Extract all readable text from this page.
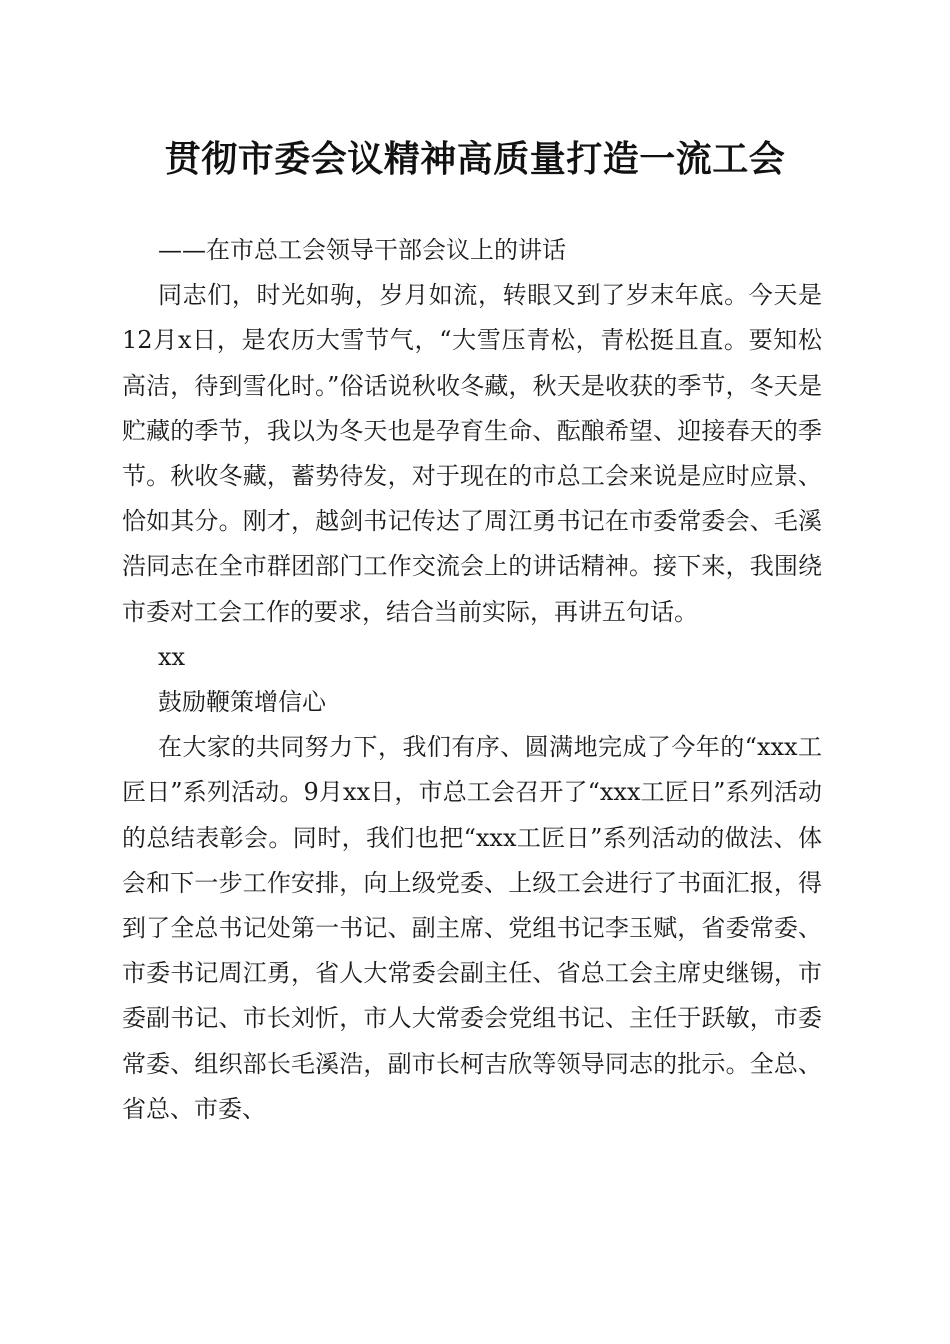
贯彻市委会议精神高质量打造一流工会

——在市总工会领导干部会议上的讲话

同志们，时光如驹，岁月如流，转眼又到了岁末年底。今天是12月x日，是农历大雪节气，“大雪压青松，青松挺且直。要知松高洁，待到雪化时。”俗话说秋收冬藏，秋天是收获的季节，冬天是贮藏的季节，我以为冬天也是孕育生命、酝酿希望、迎接春天的季节。秋收冬藏，蓄势待发，对于现在的市总工会来说是应时应景、恰如其分。刚才，越剑书记传达了周江勇书记在市委常委会、毛溪浩同志在全市群团部门工作交流会上的讲话精神。接下来，我围绕市委对工会工作的要求，结合当前实际，再讲五句话。

xx

鼓励鞭策增信心

在大家的共同努力下，我们有序、圆满地完成了今年的“xxx工匠日”系列活动。9月xx日，市总工会召开了“xxx工匠日”系列活动的总结表彰会。同时，我们也把“xxx工匠日”系列活动的做法、体会和下一步工作安排，向上级党委、上级工会进行了书面汇报，得到了全总书记处第一书记、副主席、党组书记李玉赋，省委常委、市委书记周江勇，省人大常委会副主任、省总工会主席史继锡，市委副书记、市长刘忻，市人大常委会党组书记、主任于跃敏，市委常委、组织部长毛溪浩，副市长柯吉欣等领导同志的批示。全总、省总、市委、
